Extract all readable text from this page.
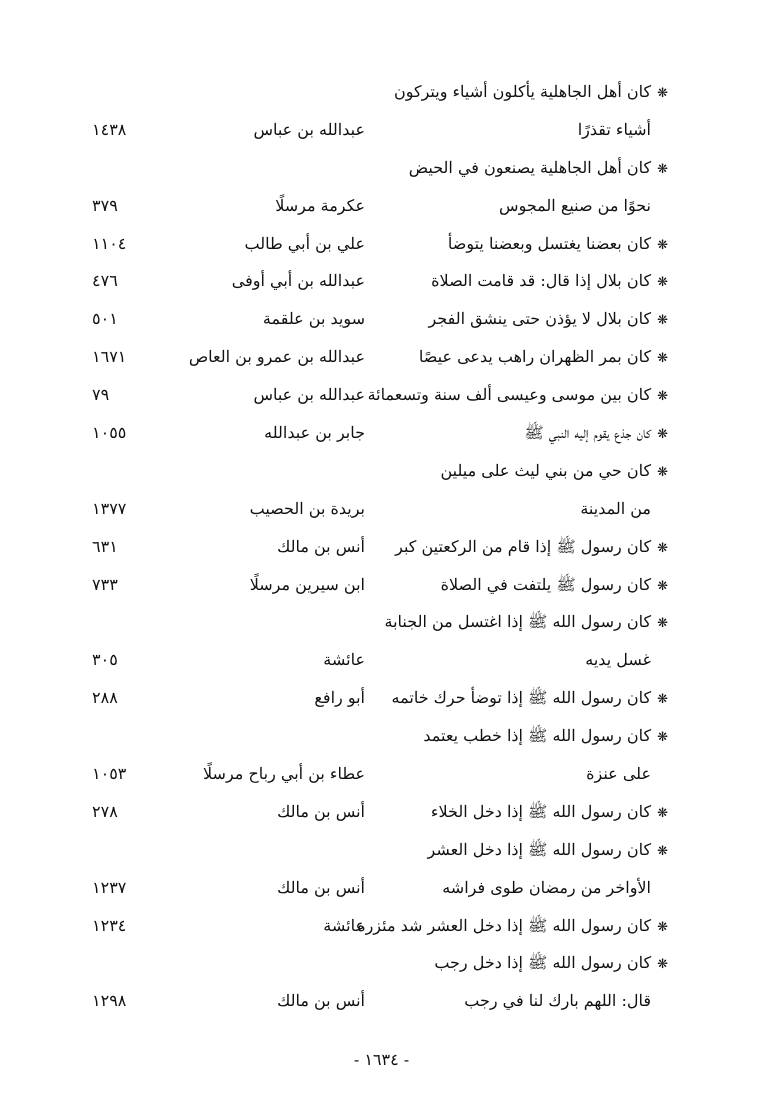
❋كان أهل الجاهلية يأكلون أشياء ويتركون
أشياء تقذرًا
عبدالله بن عباس
١٤٣٨
❋كان أهل الجاهلية يصنعون في الحيض
نحوًا من صنيع المجوس
عكرمة مرسلًا
٣٧٩
❋كان بعضنا يغتسل وبعضنا يتوضأ
علي بن أبي طالب
١١٠٤
❋كان بلال إذا قال: قد قامت الصلاة
عبدالله بن أبي أوفى
٤٧٦
❋كان بلال لا يؤذن حتى ينشق الفجر
سويد بن علقمة
٥٠١
❋كان بمر الظهران راهب يدعى عيصًا
عبدالله بن عمرو بن العاص
١٦٧١
❋كان بين موسى وعيسى ألف سنة وتسعمائة
عبدالله بن عباس
٧٩
❋كان جذع يقوم إليه النبي ﷺ
جابر بن عبدالله
١٠٥٥
❋كان حي من بني ليث على ميلين
من المدينة
بريدة بن الحصيب
١٣٧٧
❋كان رسول ﷺ إذا قام من الركعتين كبر
أنس بن مالك
٦٣١
❋كان رسول ﷺ يلتفت في الصلاة
ابن سيرين مرسلًا
٧٣٣
❋كان رسول الله ﷺ إذا اغتسل من الجنابة
غسل يديه
عائشة
٣٠٥
❋كان رسول الله ﷺ إذا توضأ حرك خاتمه
أبو رافع
٢٨٨
❋كان رسول الله ﷺ إذا خطب يعتمد
على عنزة
عطاء بن أبي رباح مرسلًا
١٠٥٣
❋كان رسول الله ﷺ إذا دخل الخلاء
أنس بن مالك
٢٧٨
❋كان رسول الله ﷺ إذا دخل العشر
الأواخر من رمضان طوى فراشه
أنس بن مالك
١٢٣٧
❋كان رسول الله ﷺ إذا دخل العشر شد مئزره
عائشة
١٢٣٤
❋كان رسول الله ﷺ إذا دخل رجب
قال: اللهم بارك لنا في رجب
أنس بن مالك
١٢٩٨
- ١٦٣٤ -
